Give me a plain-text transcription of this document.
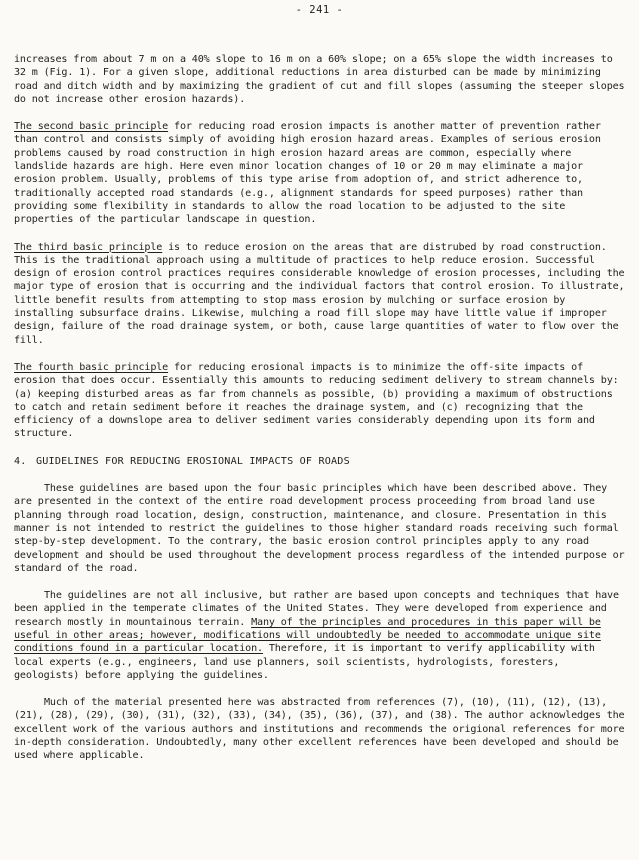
- 241 -

increases from about 7 m on a 40% slope to 16 m on a 60% slope; on a 65% slope the width increases to 32 m (Fig. 1). For a given slope, additional reductions in area disturbed can be made by minimizing road and ditch width and by maximizing the gradient of cut and fill slopes (assuming the steeper slopes do not increase other erosion hazards).

The second basic principle for reducing road erosion impacts is another matter of prevention rather than control and consists simply of avoiding high erosion hazard areas. Examples of serious erosion problems caused by road construction in high erosion hazard areas are common, especially where landslide hazards are high. Here even minor location changes of 10 or 20 m may eliminate a major erosion problem. Usually, problems of this type arise from adoption of, and strict adherence to, traditionally accepted road standards (e.g., alignment standards for speed purposes) rather than providing some flexibility in standards to allow the road location to be adjusted to the site properties of the particular landscape in question.

The third basic principle is to reduce erosion on the areas that are distrubed by road construction. This is the traditional approach using a multitude of practices to help reduce erosion. Successful design of erosion control practices requires considerable knowledge of erosion processes, including the major type of erosion that is occurring and the individual factors that control erosion. To illustrate, little benefit results from attempting to stop mass erosion by mulching or surface erosion by installing subsurface drains. Likewise, mulching a road fill slope may have little value if improper design, failure of the road drainage system, or both, cause large quantities of water to flow over the fill.

The fourth basic principle for reducing erosional impacts is to minimize the off-site impacts of erosion that does occur. Essentially this amounts to reducing sediment delivery to stream channels by: (a) keeping disturbed areas as far from channels as possible, (b) providing a maximum of obstructions to catch and retain sediment before it reaches the drainage system, and (c) recognizing that the efficiency of a downslope area to deliver sediment varies considerably depending upon its form and structure.

4. GUIDELINES FOR REDUCING EROSIONAL IMPACTS OF ROADS

These guidelines are based upon the four basic principles which have been described above. They are presented in the context of the entire road development process proceeding from broad land use planning through road location, design, construction, maintenance, and closure. Presentation in this manner is not intended to restrict the guidelines to those higher standard roads receiving such formal step-by-step development. To the contrary, the basic erosion control principles apply to any road development and should be used throughout the development process regardless of the intended purpose or standard of the road.

The guidelines are not all inclusive, but rather are based upon concepts and techniques that have been applied in the temperate climates of the United States. They were developed from experience and research mostly in mountainous terrain. Many of the principles and procedures in this paper will be useful in other areas; however, modifications will undoubtedly be needed to accommodate unique site conditions found in a particular location. Therefore, it is important to verify applicability with local experts (e.g., engineers, land use planners, soil scientists, hydrologists, foresters, geologists) before applying the guidelines.

Much of the material presented here was abstracted from references (7), (10), (11), (12), (13), (21), (28), (29), (30), (31), (32), (33), (34), (35), (36), (37), and (38). The author acknowledges the excellent work of the various authors and institutions and recommends the origional references for more in-depth consideration. Undoubtedly, many other excellent references have been developed and should be used where applicable.
